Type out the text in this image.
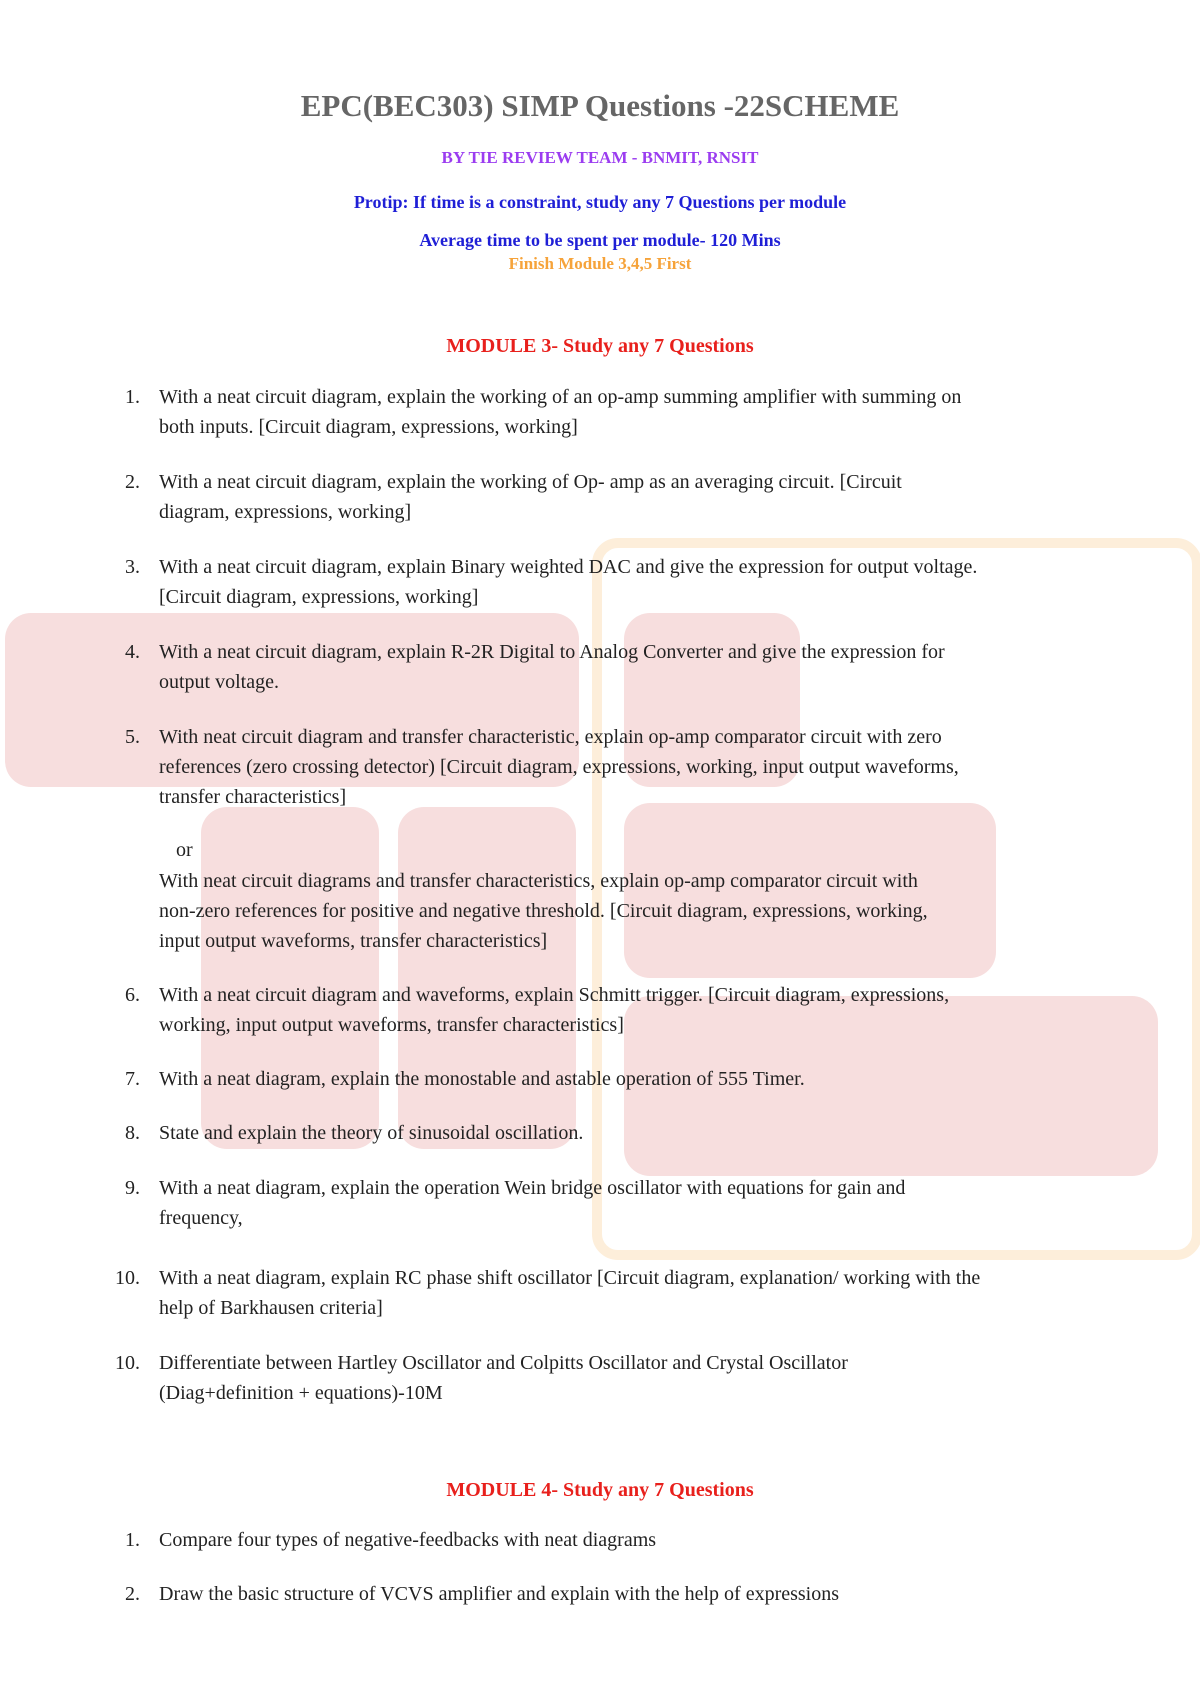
EPC(BEC303) SIMP Questions -22SCHEME

BY TIE REVIEW TEAM - BNMIT, RNSIT

Protip: If time is a constraint, study any 7 Questions per module

Average time to be spent per module- 120 Mins

Finish Module 3,4,5 First

MODULE 3- Study any 7 Questions
1. With a neat circuit diagram, explain the working of an op-amp summing amplifier with summing on
both inputs. [Circuit diagram, expressions, working]
2. With a neat circuit diagram, explain the working of Op- amp as an averaging circuit. [Circuit
diagram, expressions, working]
3. With a neat circuit diagram, explain Binary weighted DAC and give the expression for output voltage.
[Circuit diagram, expressions, working]
4. With a neat circuit diagram, explain R-2R Digital to Analog Converter and give the expression for
output voltage.
5. With neat circuit diagram and transfer characteristic, explain op-amp comparator circuit with zero
references (zero crossing detector) [Circuit diagram, expressions, working, input output waveforms,
transfer characteristics]
or
With neat circuit diagrams and transfer characteristics, explain op-amp comparator circuit with
non-zero references for positive and negative threshold. [Circuit diagram, expressions, working,
input output waveforms, transfer characteristics]
6. With a neat circuit diagram and waveforms, explain Schmitt trigger. [Circuit diagram, expressions,
working, input output waveforms, transfer characteristics]
7. With a neat diagram, explain the monostable and astable operation of 555 Timer.
8. State and explain the theory of sinusoidal oscillation.
9. With a neat diagram, explain the operation Wein bridge oscillator with equations for gain and
frequency,
10. With a neat diagram, explain RC phase shift oscillator [Circuit diagram, explanation/ working with the
help of Barkhausen criteria]
10. Differentiate between Hartley Oscillator and Colpitts Oscillator and Crystal Oscillator
(Diag+definition + equations)-10M
MODULE 4- Study any 7 Questions
1. Compare four types of negative-feedbacks with neat diagrams
2. Draw the basic structure of VCVS amplifier and explain with the help of expressions
